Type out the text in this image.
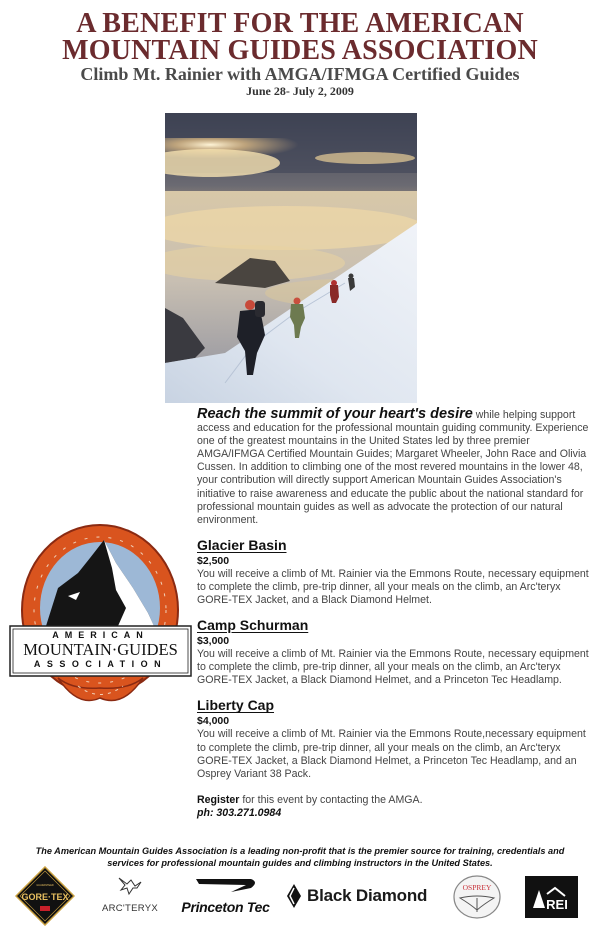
A BENEFIT FOR THE AMERICAN
MOUNTAIN GUIDES ASSOCIATION
Climb Mt. Rainier with AMGA/IFMGA Certified Guides
June 28- July 2, 2009
AMERICAN
MOUNTAIN·GUIDES
ASSOCIATION

Reach the summit of your heart's desire while helping support access and education for the professional mountain guiding community. Experience one of the greatest mountains in the United States led by three premier AMGA/IFMGA Certified Mountain Guides; Margaret Wheeler, John Race and Olivia Cussen. In addition to climbing one of the most revered mountains in the lower 48, your contribution will directly support American Mountain Guides Association's initiative to raise awareness and educate the public about the national standard for professional mountain guides as well as advocate the protection of our natural environment.

Glacier Basin
$2,500
You will receive a climb of Mt. Rainier via the Emmons Route, necessary equipment to complete the climb, pre-trip dinner, all your meals on the climb, an Arc'teryx GORE-TEX Jacket, and a Black Diamond Helmet.
Camp Schurman
$3,000
You will receive a climb of Mt. Rainier via the Emmons Route, necessary equipment to complete the climb, pre-trip dinner, all your meals on the climb, an Arc'teryx GORE-TEX Jacket, a Black Diamond Helmet, and a Princeton Tec Headlamp.
Liberty Cap
$4,000
You will receive a climb of Mt. Rainier via the Emmons Route,necessary equipment to complete the climb, pre-trip dinner, all your meals on the climb, an Arc'teryx GORE-TEX Jacket, a Black Diamond Helmet, a Princeton Tec Headlamp, and an Osprey Variant 38 Pack.
Register for this event by contacting the AMGA.
ph: 303.271.0984
The American Mountain Guides Association is a leading non-profit that is the premier source for training, credentials and
services for professional mountain guides and climbing instructors in the United States.
GORE·TEX
GUARANTEED
ARC'TERYX Princeton Tec
Black Diamond	OSPREY
REI
